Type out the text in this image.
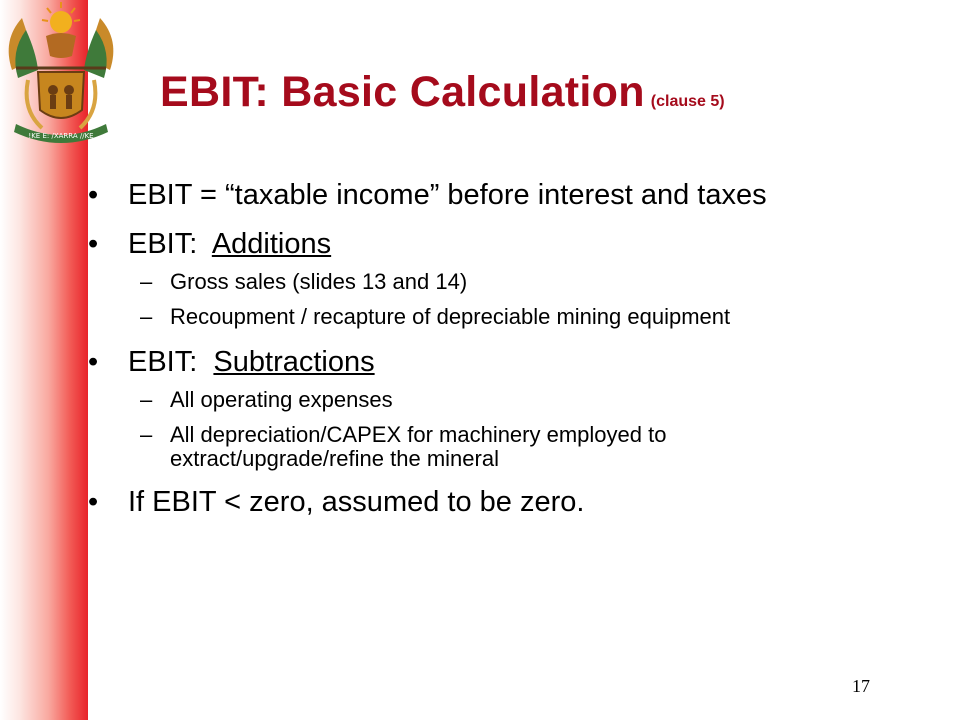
!KE E: /XARRA //KE
EBIT: Basic Calculation (clause 5)
•	EBIT = “taxable income” before interest and taxes
•	EBIT:  Additions
– Gross sales (slides 13 and 14)
– Recoupment / recapture of depreciable mining equipment
•	EBIT:  Subtractions
– All operating expenses
– All depreciation/CAPEX for machinery employed to extract/upgrade/refine the mineral
•	If EBIT < zero, assumed to be zero.
17
